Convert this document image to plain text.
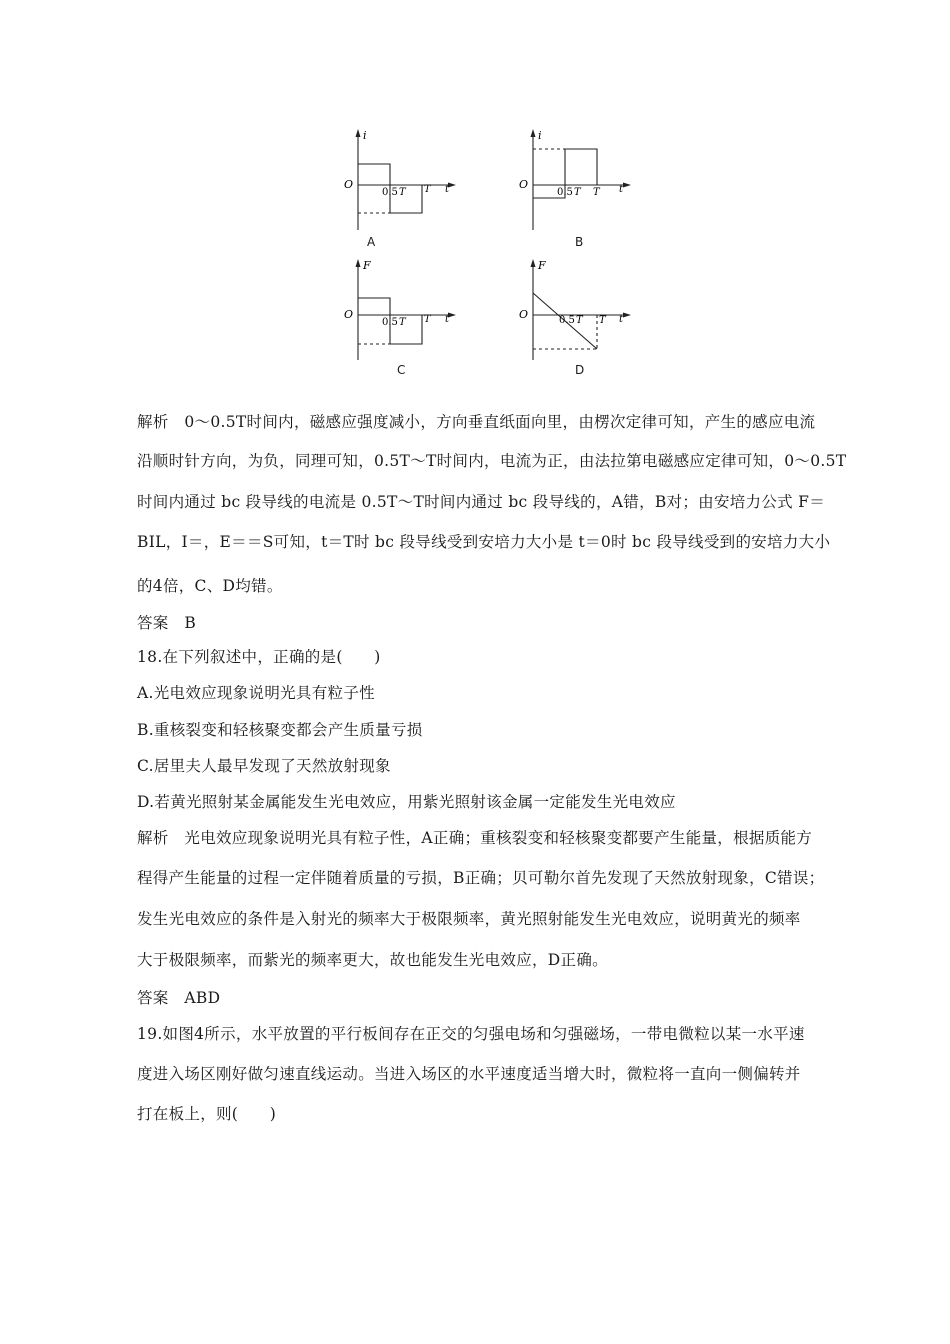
i
O
0.5 T T t
A
i
O
0.5 T T t
B
F
O
0.5 T T t
C
F
O	0.5 T T t
D
解析　0～0.5T时间内，磁感应强度减小，方向垂直纸面向里，由楞次定律可知，产生的感应电流
沿顺时针方向，为负，同理可知，0.5T～T时间内，电流为正，由法拉第电磁感应定律可知，0～0.5T
时间内通过 bc 段导线的电流是 0.5T～T时间内通过 bc 段导线的，A错，B对；由安培力公式 F＝
BIL，I＝，E＝＝S可知，t＝T时 bc 段导线受到安培力大小是 t＝0时 bc 段导线受到的安培力大小
的4倍，C、D均错。
答案　B
18.在下列叙述中，正确的是(　　)
A.光电效应现象说明光具有粒子性
B.重核裂变和轻核聚变都会产生质量亏损
C.居里夫人最早发现了天然放射现象
D.若黄光照射某金属能发生光电效应，用紫光照射该金属一定能发生光电效应
解析　光电效应现象说明光具有粒子性，A正确；重核裂变和轻核聚变都要产生能量，根据质能方
程得产生能量的过程一定伴随着质量的亏损，B正确；贝可勒尔首先发现了天然放射现象，C错误；
发生光电效应的条件是入射光的频率大于极限频率，黄光照射能发生光电效应，说明黄光的频率
大于极限频率，而紫光的频率更大，故也能发生光电效应，D正确。
答案　ABD
19.如图4所示，水平放置的平行板间存在正交的匀强电场和匀强磁场，一带电微粒以某一水平速
度进入场区刚好做匀速直线运动。当进入场区的水平速度适当增大时，微粒将一直向一侧偏转并
打在板上，则(　　)
